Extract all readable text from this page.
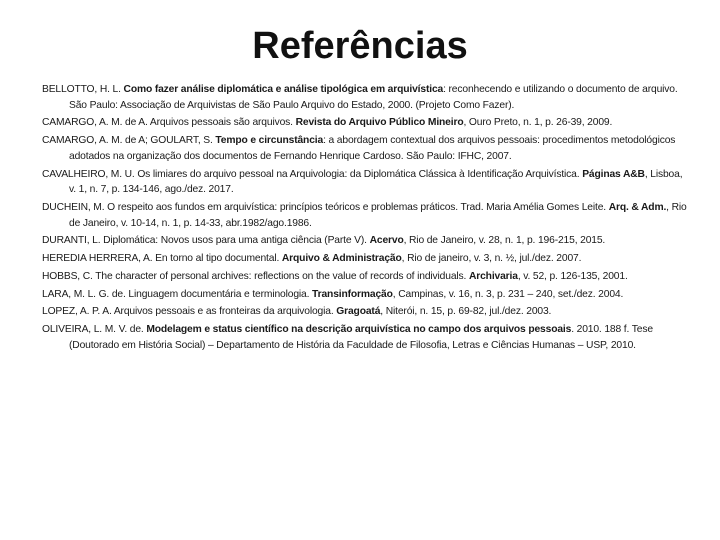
Referências

BELLOTTO, H. L. Como fazer análise diplomática e análise tipológica em arquivística: reconhecendo e utilizando o documento de arquivo. São Paulo: Associação de Arquivistas de São Paulo Arquivo do Estado, 2000. (Projeto Como Fazer).

CAMARGO, A. M. de A. Arquivos pessoais são arquivos. Revista do Arquivo Público Mineiro, Ouro Preto, n. 1, p. 26-39, 2009.

CAMARGO, A. M. de A; GOULART, S. Tempo e circunstância: a abordagem contextual dos arquivos pessoais: procedimentos metodológicos adotados na organização dos documentos de Fernando Henrique Cardoso. São Paulo: IFHC, 2007.

CAVALHEIRO, M. U. Os limiares do arquivo pessoal na Arquivologia: da Diplomática Clássica à Identificação Arquivística. Páginas A&B, Lisboa, v. 1, n. 7, p. 134-146, ago./dez. 2017.

DUCHEIN, M. O respeito aos fundos em arquivística: princípios teóricos e problemas práticos. Trad. Maria Amélia Gomes Leite. Arq. & Adm., Rio de Janeiro, v. 10-14, n. 1, p. 14-33, abr.1982/ago.1986.

DURANTI, L. Diplomática: Novos usos para uma antiga ciência (Parte V). Acervo, Rio de Janeiro, v. 28, n. 1, p. 196-215, 2015.

HEREDIA HERRERA, A. En torno al tipo documental. Arquivo & Administração, Rio de janeiro, v. 3, n. ½, jul./dez. 2007.

HOBBS, C. The character of personal archives: reflections on the value of records of individuals. Archivaria, v. 52, p. 126-135, 2001.

LARA, M. L. G. de. Linguagem documentária e terminologia. Transinformação, Campinas, v. 16, n. 3, p. 231 – 240, set./dez. 2004.

LOPEZ, A. P. A. Arquivos pessoais e as fronteiras da arquivologia. Gragoatá, Niterói, n. 15, p. 69-82, jul./dez. 2003.

OLIVEIRA, L. M. V. de. Modelagem e status científico na descrição arquivística no campo dos arquivos pessoais. 2010. 188 f. Tese (Doutorado em História Social) – Departamento de História da Faculdade de Filosofia, Letras e Ciências Humanas – USP, 2010.
